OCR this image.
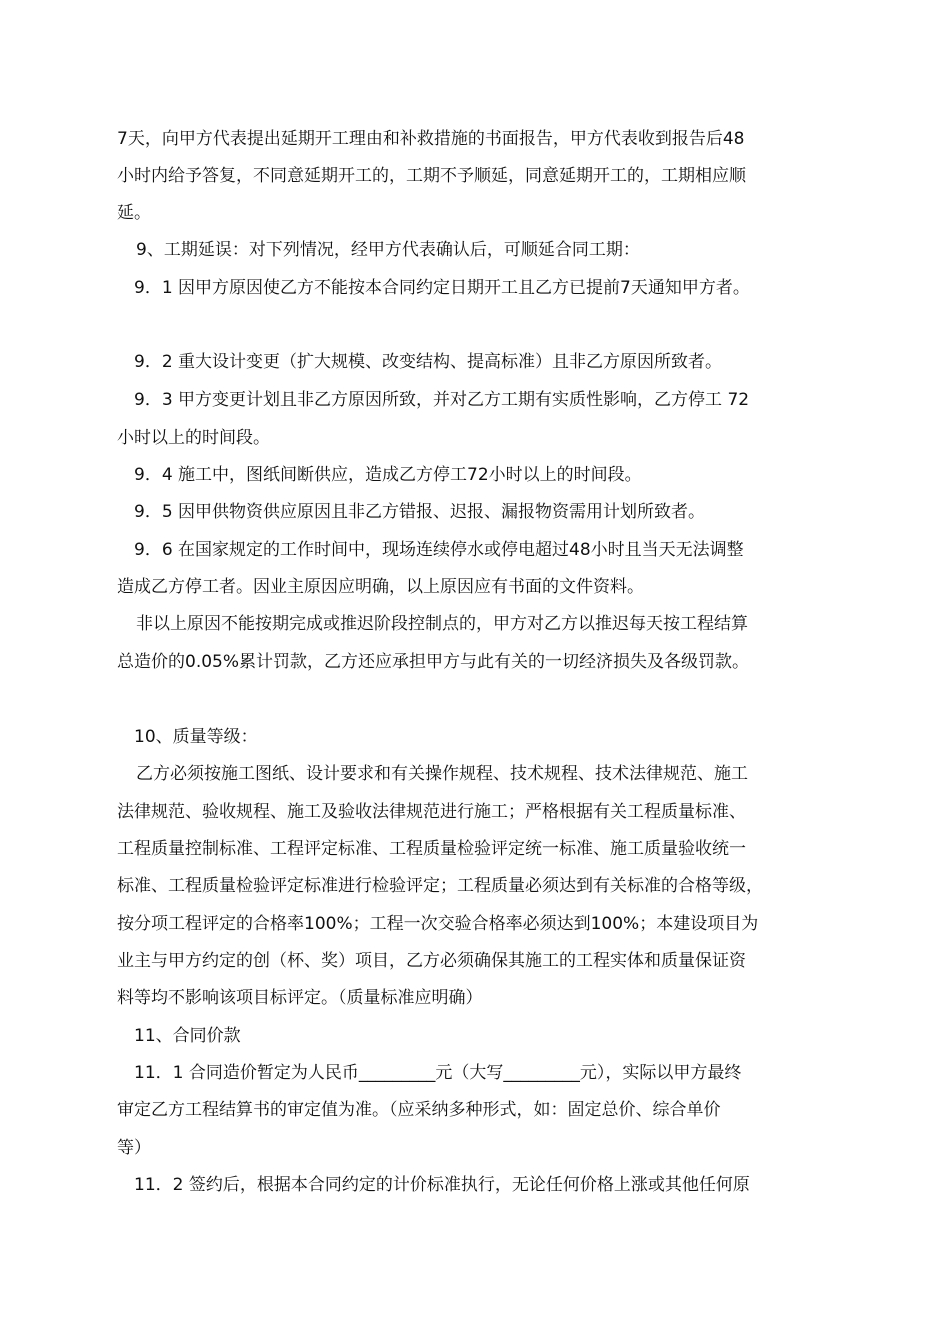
7天，向甲方代表提出延期开工理由和补救措施的书面报告，甲方代表收到报告后48

小时内给予答复，不同意延期开工的，工期不予顺延，同意延期开工的，工期相应顺

延。

9、工期延误：对下列情况，经甲方代表确认后，可顺延合同工期：

9．1 因甲方原因使乙方不能按本合同约定日期开工且乙方已提前7天通知甲方者。

9．2 重大设计变更（扩大规模、改变结构、提高标准）且非乙方原因所致者。

9．3 甲方变更计划且非乙方原因所致，并对乙方工期有实质性影响，乙方停工 72

小时以上的时间段。

9．4 施工中，图纸间断供应，造成乙方停工72小时以上的时间段。

9．5 因甲供物资供应原因且非乙方错报、迟报、漏报物资需用计划所致者。

9．6 在国家规定的工作时间中，现场连续停水或停电超过48小时且当天无法调整

造成乙方停工者。因业主原因应明确，以上原因应有书面的文件资料。

非以上原因不能按期完成或推迟阶段控制点的，甲方对乙方以推迟每天按工程结算

总造价的0.05%累计罚款，乙方还应承担甲方与此有关的一切经济损失及各级罚款。

10、质量等级：

乙方必须按施工图纸、设计要求和有关操作规程、技术规程、技术法律规范、施工

法律规范、验收规程、施工及验收法律规范进行施工；严格根据有关工程质量标准、

工程质量控制标准、工程评定标准、工程质量检验评定统一标准、施工质量验收统一

标准、工程质量检验评定标准进行检验评定；工程质量必须达到有关标准的合格等级，

按分项工程评定的合格率100%；工程一次交验合格率必须达到100%；本建设项目为

业主与甲方约定的创（杯、奖）项目，乙方必须确保其施工的工程实体和质量保证资

料等均不影响该项目标评定。（质量标准应明确）

11、合同价款

11．1 合同造价暂定为人民币_________元（大写_________元），实际以甲方最终

审定乙方工程结算书的审定值为准。（应采纳多种形式，如：固定总价、综合单价

等）

11．2 签约后，根据本合同约定的计价标准执行，无论任何价格上涨或其他任何原
